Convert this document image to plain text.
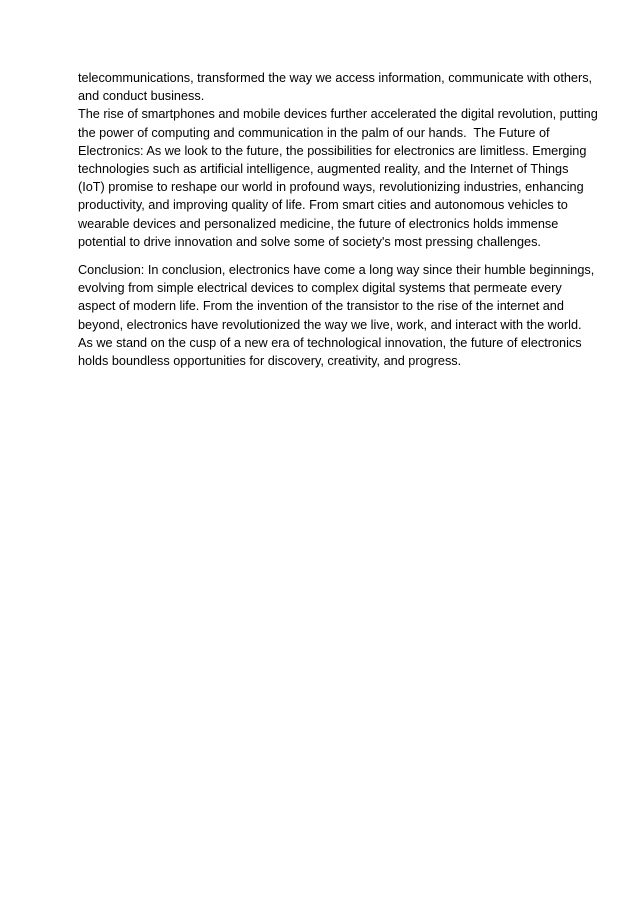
telecommunications, transformed the way we access information, communicate with others,
and conduct business.
The rise of smartphones and mobile devices further accelerated the digital revolution, putting
the power of computing and communication in the palm of our hands.  The Future of
Electronics: As we look to the future, the possibilities for electronics are limitless. Emerging
technologies such as artificial intelligence, augmented reality, and the Internet of Things
(IoT) promise to reshape our world in profound ways, revolutionizing industries, enhancing
productivity, and improving quality of life. From smart cities and autonomous vehicles to
wearable devices and personalized medicine, the future of electronics holds immense
potential to drive innovation and solve some of society's most pressing challenges.
Conclusion: In conclusion, electronics have come a long way since their humble beginnings,
evolving from simple electrical devices to complex digital systems that permeate every
aspect of modern life. From the invention of the transistor to the rise of the internet and
beyond, electronics have revolutionized the way we live, work, and interact with the world.
As we stand on the cusp of a new era of technological innovation, the future of electronics
holds boundless opportunities for discovery, creativity, and progress.
